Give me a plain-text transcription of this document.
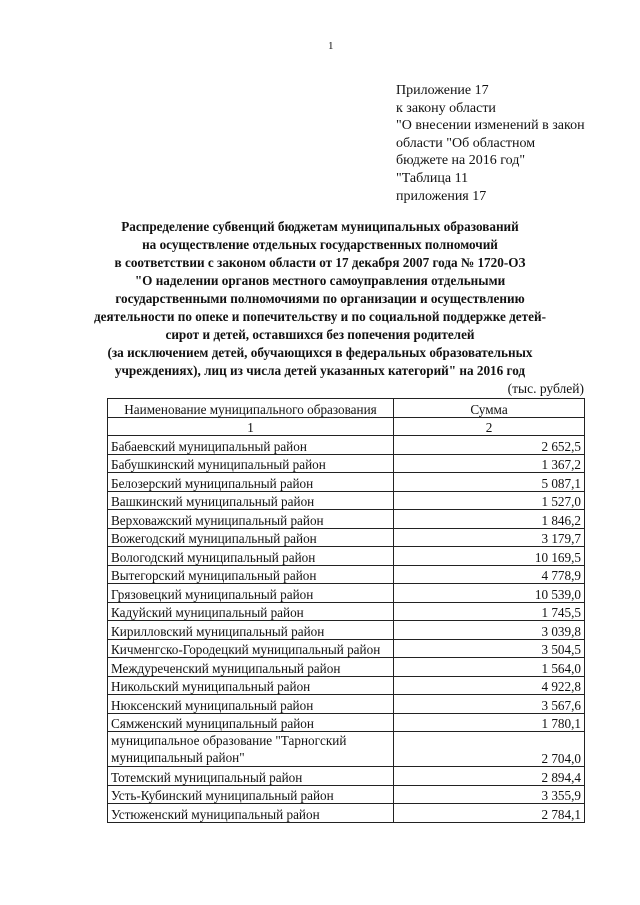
1
Приложение 17
к закону области
"О внесении изменений в закон
области "Об областном
бюджете на 2016 год"
"Таблица 11
приложения 17
Распределение субвенций бюджетам муниципальных образований
на осуществление отдельных государственных полномочий
в соответствии с законом области от 17 декабря 2007 года № 1720-ОЗ
"О наделении органов местного самоуправления отдельными
государственными полномочиями по организации и осуществлению
деятельности по опеке и попечительству и по социальной поддержке детей-
сирот и детей, оставшихся без попечения родителей
(за исключением детей, обучающихся в федеральных образовательных
учреждениях), лиц из числа детей указанных категорий" на 2016 год
(тыс. рублей)
Наименование муниципального образования	Сумма
1	2
Бабаевский муниципальный район	2 652,5
Бабушкинский муниципальный район	1 367,2
Белозерский муниципальный район	5 087,1
Вашкинский муниципальный район	1 527,0
Верховажский муниципальный район	1 846,2
Вожегодский муниципальный район	3 179,7
Вологодский муниципальный район	10 169,5
Вытегорский муниципальный район	4 778,9
Грязовецкий муниципальный район	10 539,0
Кадуйский муниципальный район	1 745,5
Кирилловский муниципальный район	3 039,8
Кичменгско-Городецкий муниципальный район	3 504,5
Междуреченский муниципальный район	1 564,0
Никольский муниципальный район	4 922,8
Нюксенский муниципальный район	3 567,6
Сямженский муниципальный район	1 780,1
муниципальное образование "Тарногский муниципальный район"	2 704,0
Тотемский муниципальный район	2 894,4
Усть-Кубинский муниципальный район	3 355,9
Устюженский муниципальный район	2 784,1
